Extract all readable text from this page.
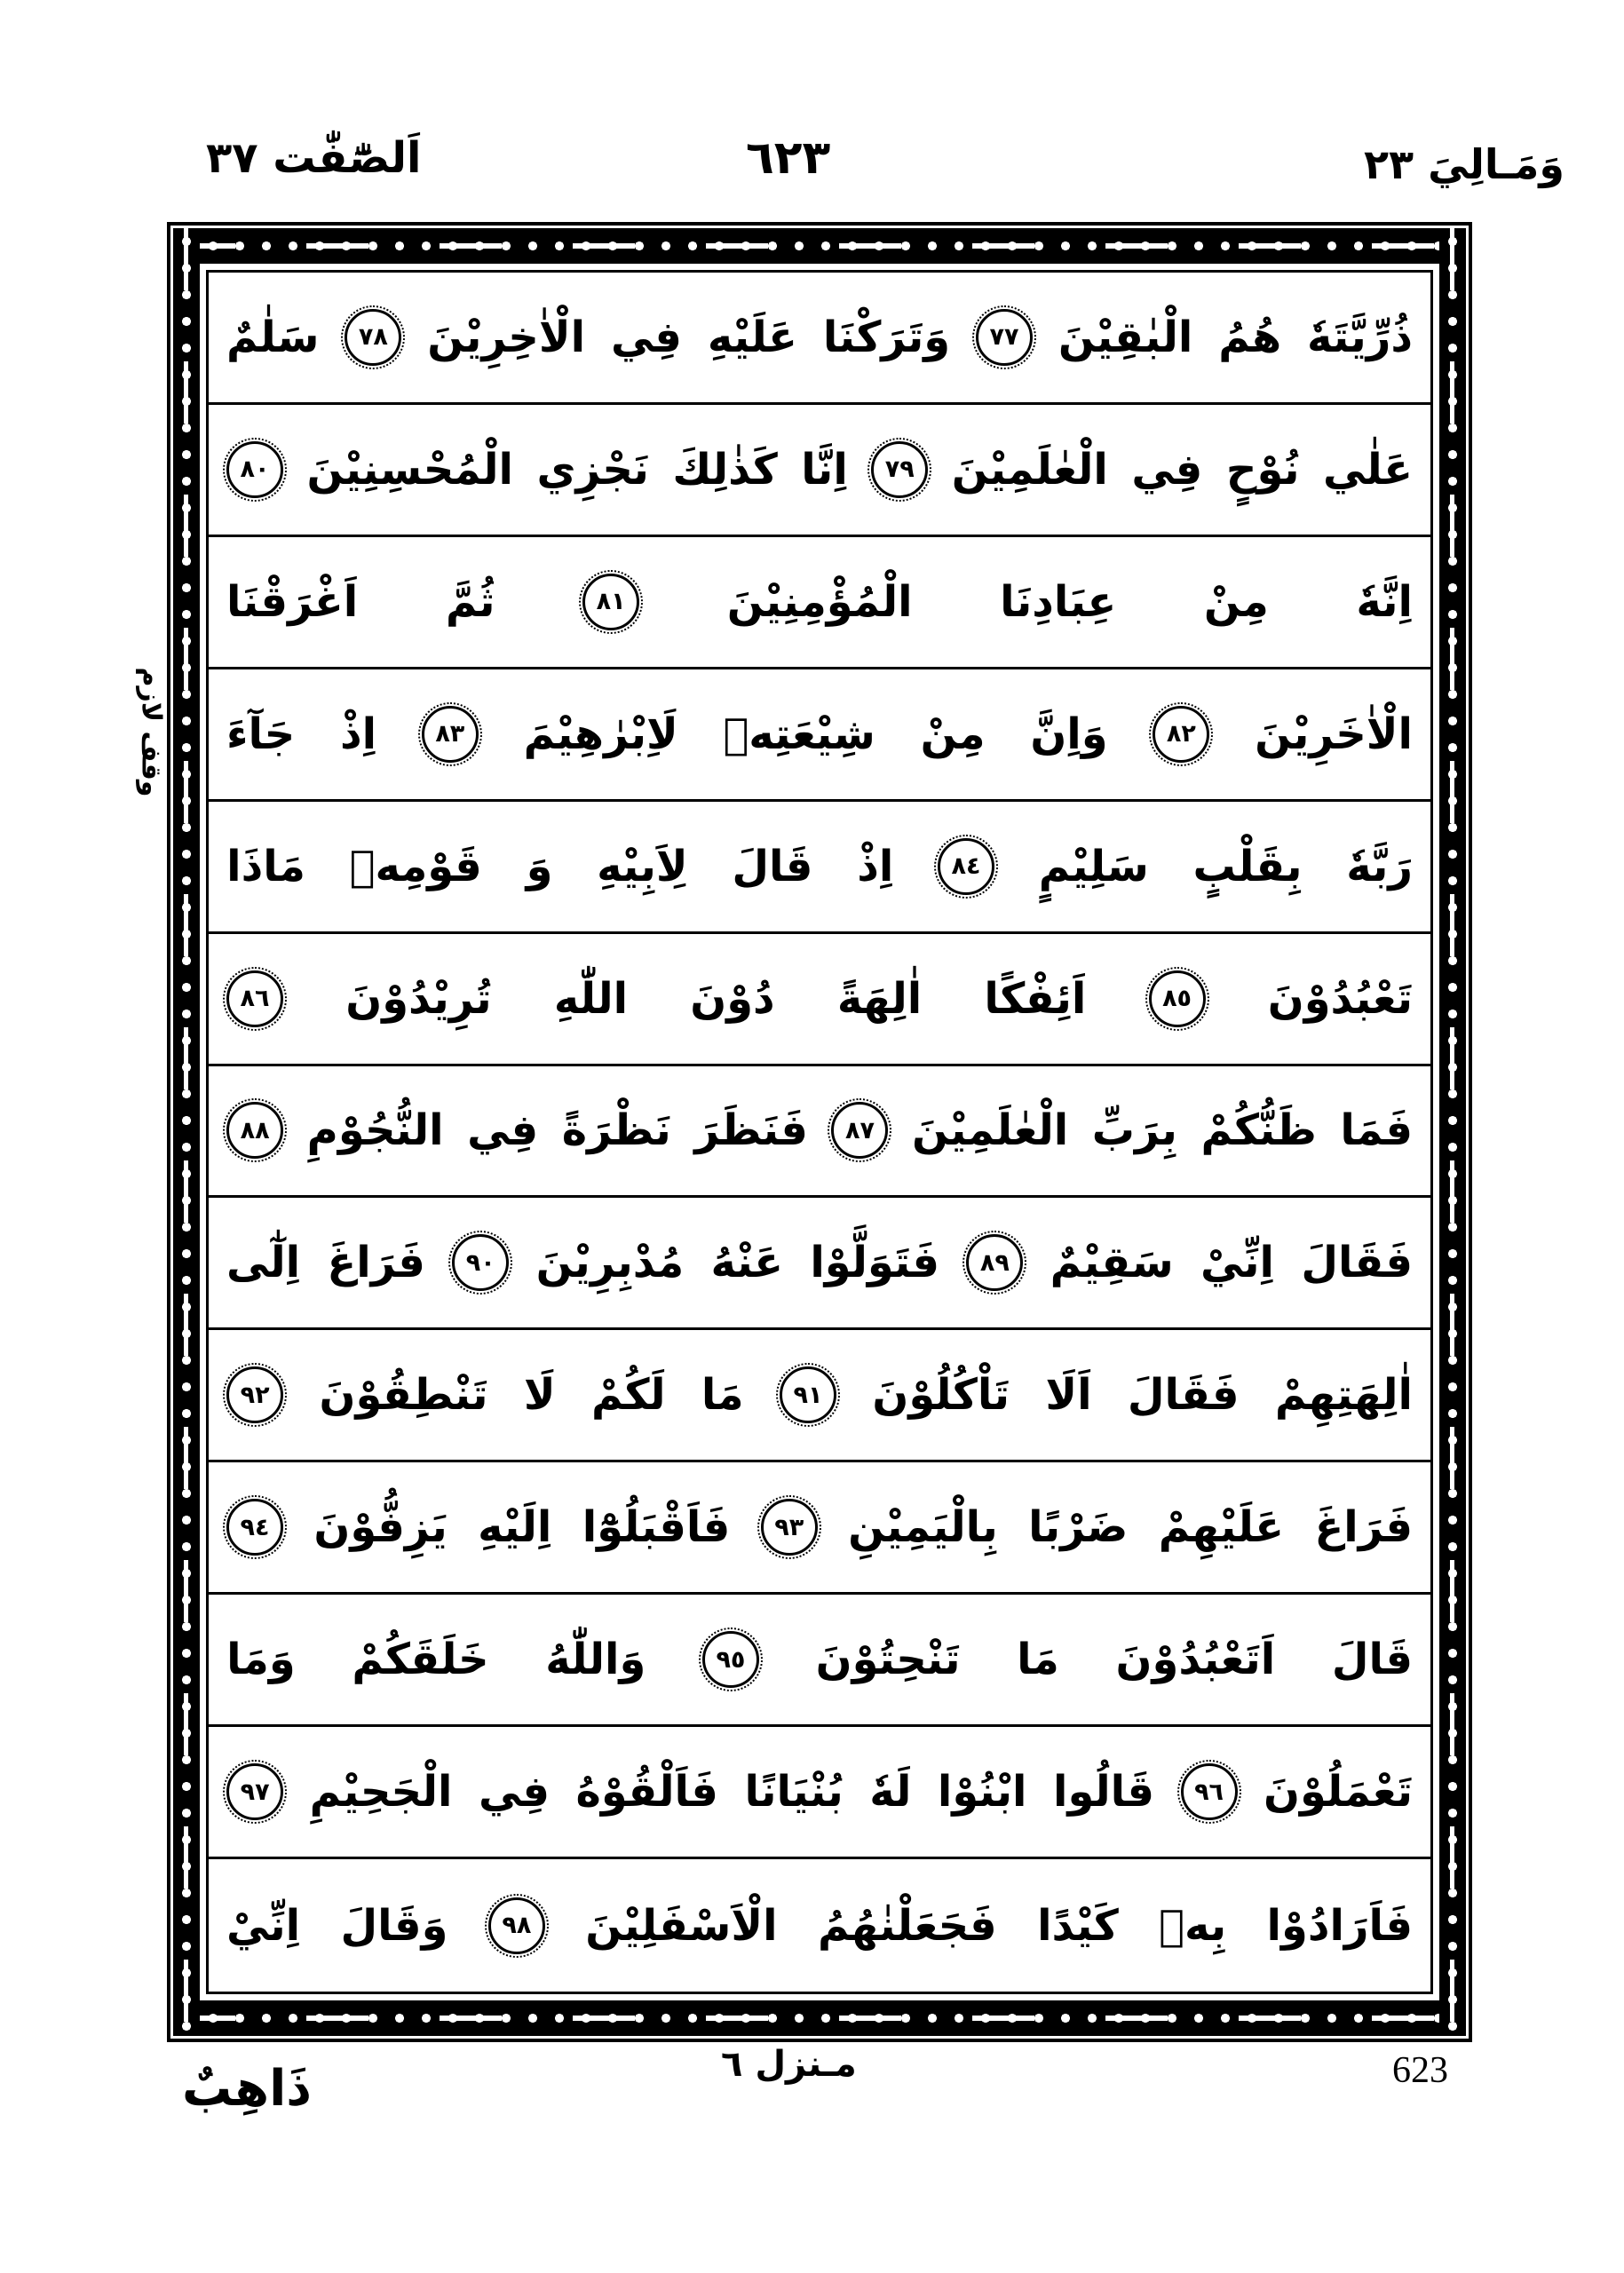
اَلصّٰٓفّٰت ٣٧	٦٢٣	وَمَـالِيَ ٢٣
وقف لازم
ذُرِّيَّتَهٗ
هُمُ
الْبٰقِيْنَ
٧٧
وَتَرَكْنَا
عَلَيْهِ
فِي
الْاٰخِرِيْنَ
٧٨
سَلٰمٌ
عَلٰي
نُوْحٍ
فِي
الْعٰلَمِيْنَ
٧٩
اِنَّا
كَذٰلِكَ
نَجْزِي
الْمُحْسِنِيْنَ
٨٠
اِنَّهٗ
مِنْ
عِبَادِنَا
الْمُؤْمِنِيْنَ
٨١
ثُمَّ
اَغْرَقْنَا
الْاٰخَرِيْنَ
٨٢
وَاِنَّ
مِنْ
شِيْعَتِهٖ
لَاِبْرٰهِيْمَ
٨٣
اِذْ
جَآءَ
رَبَّهٗ
بِقَلْبٍ
سَلِيْمٍ
٨٤
اِذْ
قَالَ
لِاَبِيْهِ
وَ
قَوْمِهٖ
مَاذَا
تَعْبُدُوْنَ
٨٥
اَئِفْكًا
اٰلِهَةً
دُوْنَ
اللّٰهِ
تُرِيْدُوْنَ
٨٦
فَمَا
ظَنُّكُمْ
بِرَبِّ
الْعٰلَمِيْنَ
٨٧
فَنَظَرَ
نَظْرَةً
فِي
النُّجُوْمِ
٨٨
فَقَالَ
اِنِّيْ
سَقِيْمٌ
٨٩
فَتَوَلَّوْا
عَنْهُ
مُدْبِرِيْنَ
٩٠
فَرَاغَ
اِلٰٓى
اٰلِهَتِهِمْ
فَقَالَ
اَلَا
تَاْكُلُوْنَ
٩١
مَا
لَكُمْ
لَا
تَنْطِقُوْنَ
٩٢
فَرَاغَ
عَلَيْهِمْ
ضَرْبًا
بِالْيَمِيْنِ
٩٣
فَاَقْبَلُوْٓا
اِلَيْهِ
يَزِفُّوْنَ
٩٤
قَالَ
اَتَعْبُدُوْنَ
مَا
تَنْحِتُوْنَ
٩٥
وَاللّٰهُ
خَلَقَكُمْ
وَمَا
تَعْمَلُوْنَ
٩٦
قَالُوا
ابْنُوْا
لَهٗ
بُنْيَانًا
فَاَلْقُوْهُ
فِي
الْجَحِيْمِ
٩٧
فَاَرَادُوْا
بِهٖ
كَيْدًا
فَجَعَلْنٰهُمُ
الْاَسْفَلِيْنَ
٩٨
وَقَالَ
اِنِّيْ
ذَاهِبٌ	مـنزل ٦	623
